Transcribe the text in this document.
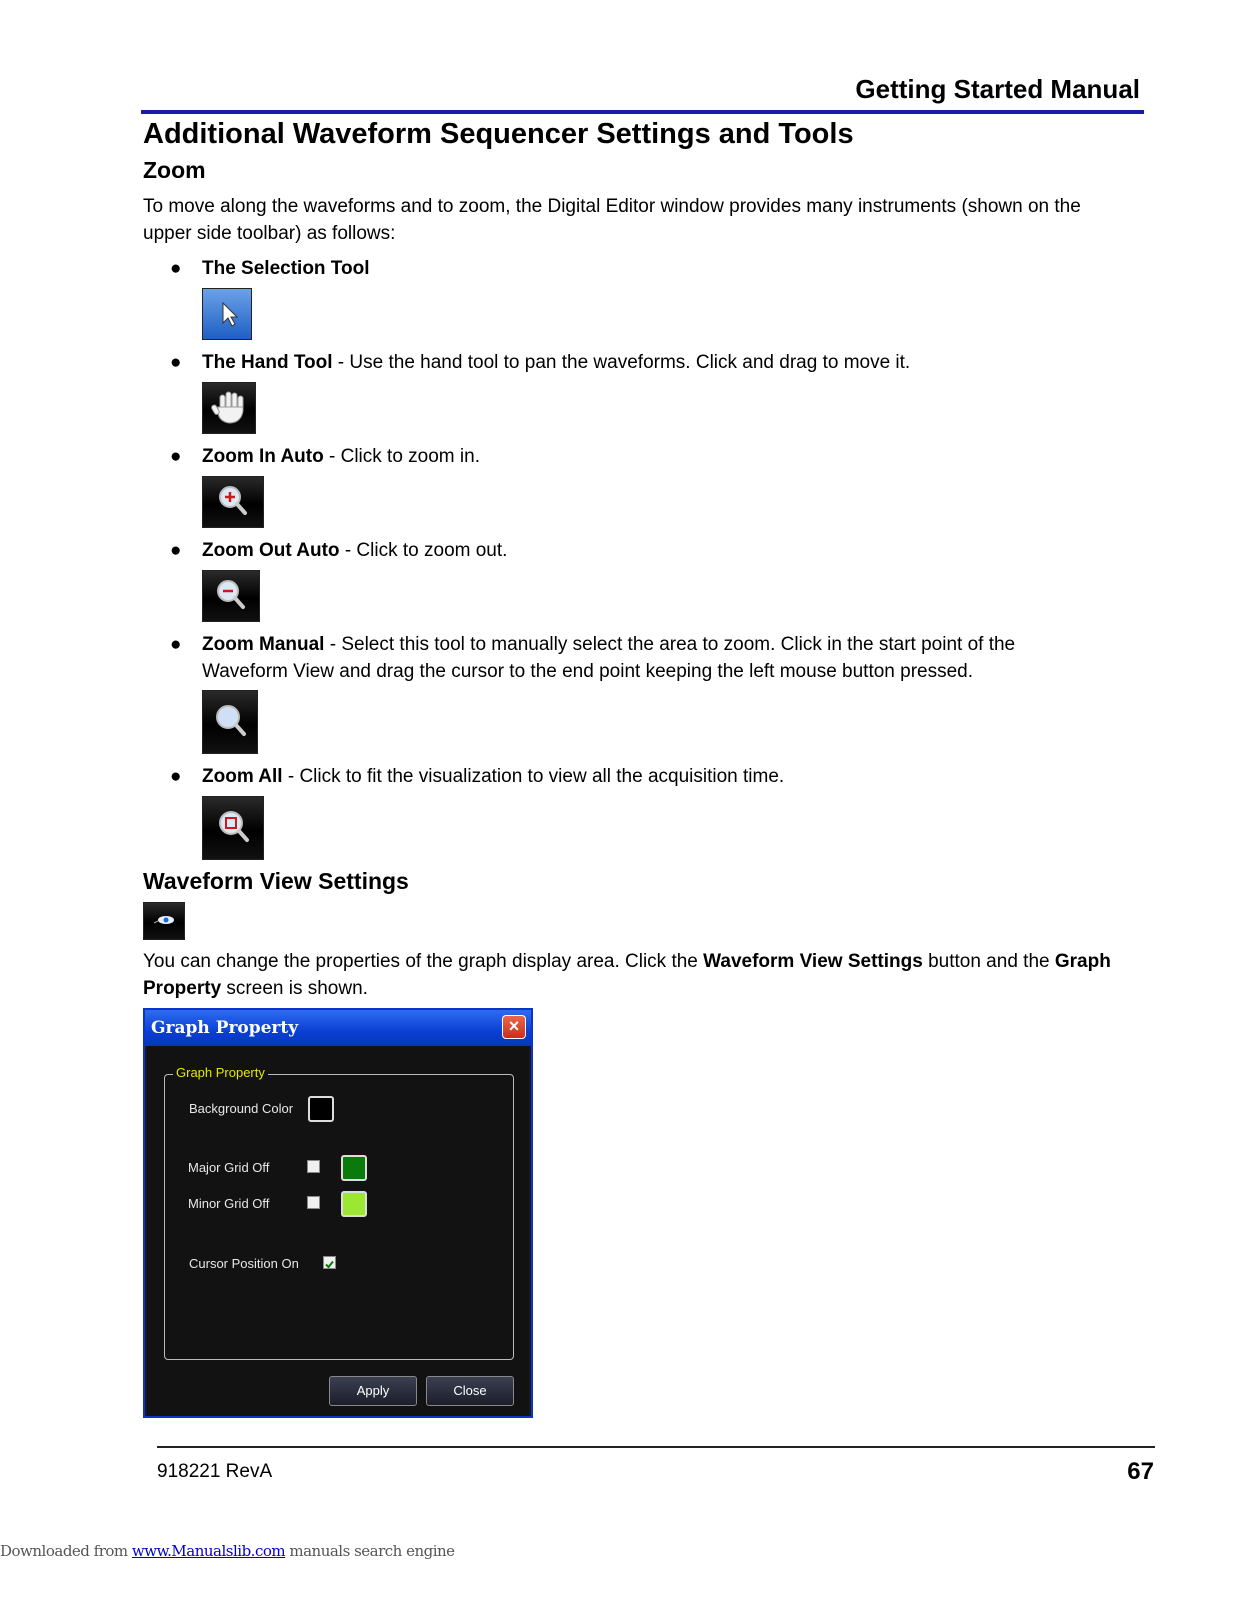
Getting Started Manual
Additional Waveform Sequencer Settings and Tools
Zoom
To move along the waveforms and to zoom, the Digital Editor window provides many instruments (shown on the upper side toolbar) as follows:
● The Selection Tool
● The Hand Tool - Use the hand tool to pan the waveforms. Click and drag to move it.
● Zoom In Auto - Click to zoom in.
● Zoom Out Auto - Click to zoom out.
● Zoom Manual - Select this tool to manually select the area to zoom. Click in the start point of the Waveform View and drag the cursor to the end point keeping the left mouse button pressed.
● Zoom All - Click to fit the visualization to view all the acquisition time.
Waveform View Settings
You can change the properties of the graph display area. Click the Waveform View Settings button and the Graph Property screen is shown.
Graph Property	×
Graph Property
Background Color
Major Grid Off
Minor Grid Off
Cursor Position On
Apply	Close
918221 RevA	67
Downloaded from www.Manualslib.com manuals search engine
